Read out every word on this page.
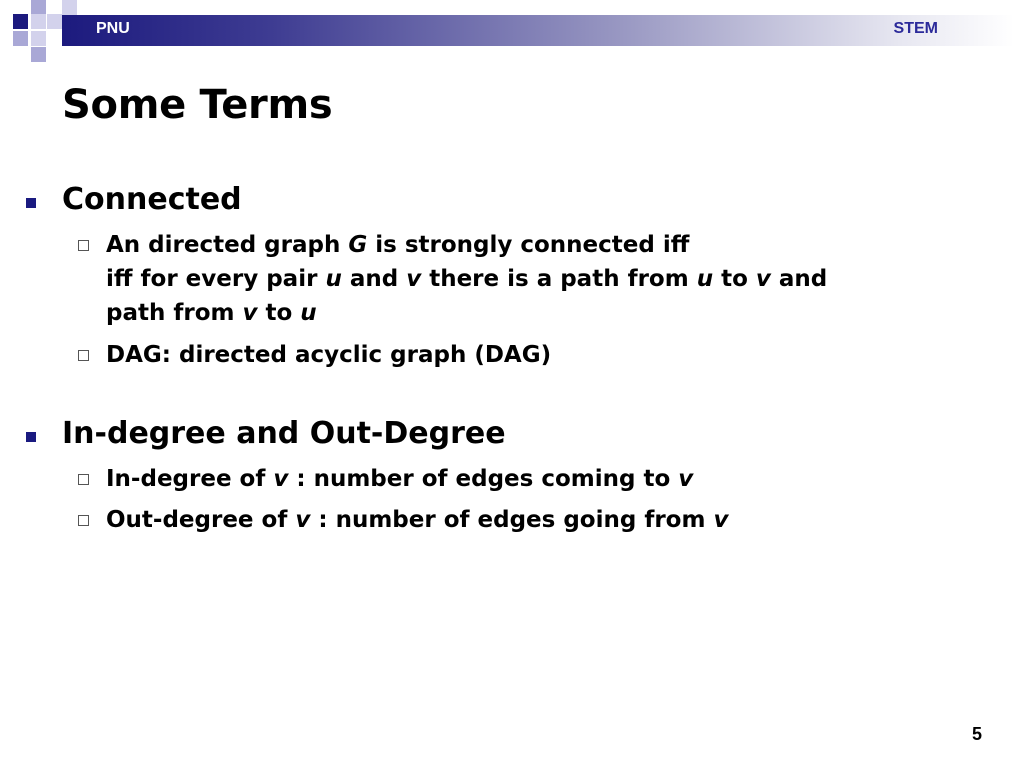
PNU	STEM
Some Terms
Connected
An directed graph G is strongly connected iff
iff for every pair u and v there is a path from u to v and
path from v to u
DAG: directed acyclic graph (DAG)
In-degree and Out-Degree
In-degree of v : number of edges coming to v
Out-degree of v : number of edges going from v
5
